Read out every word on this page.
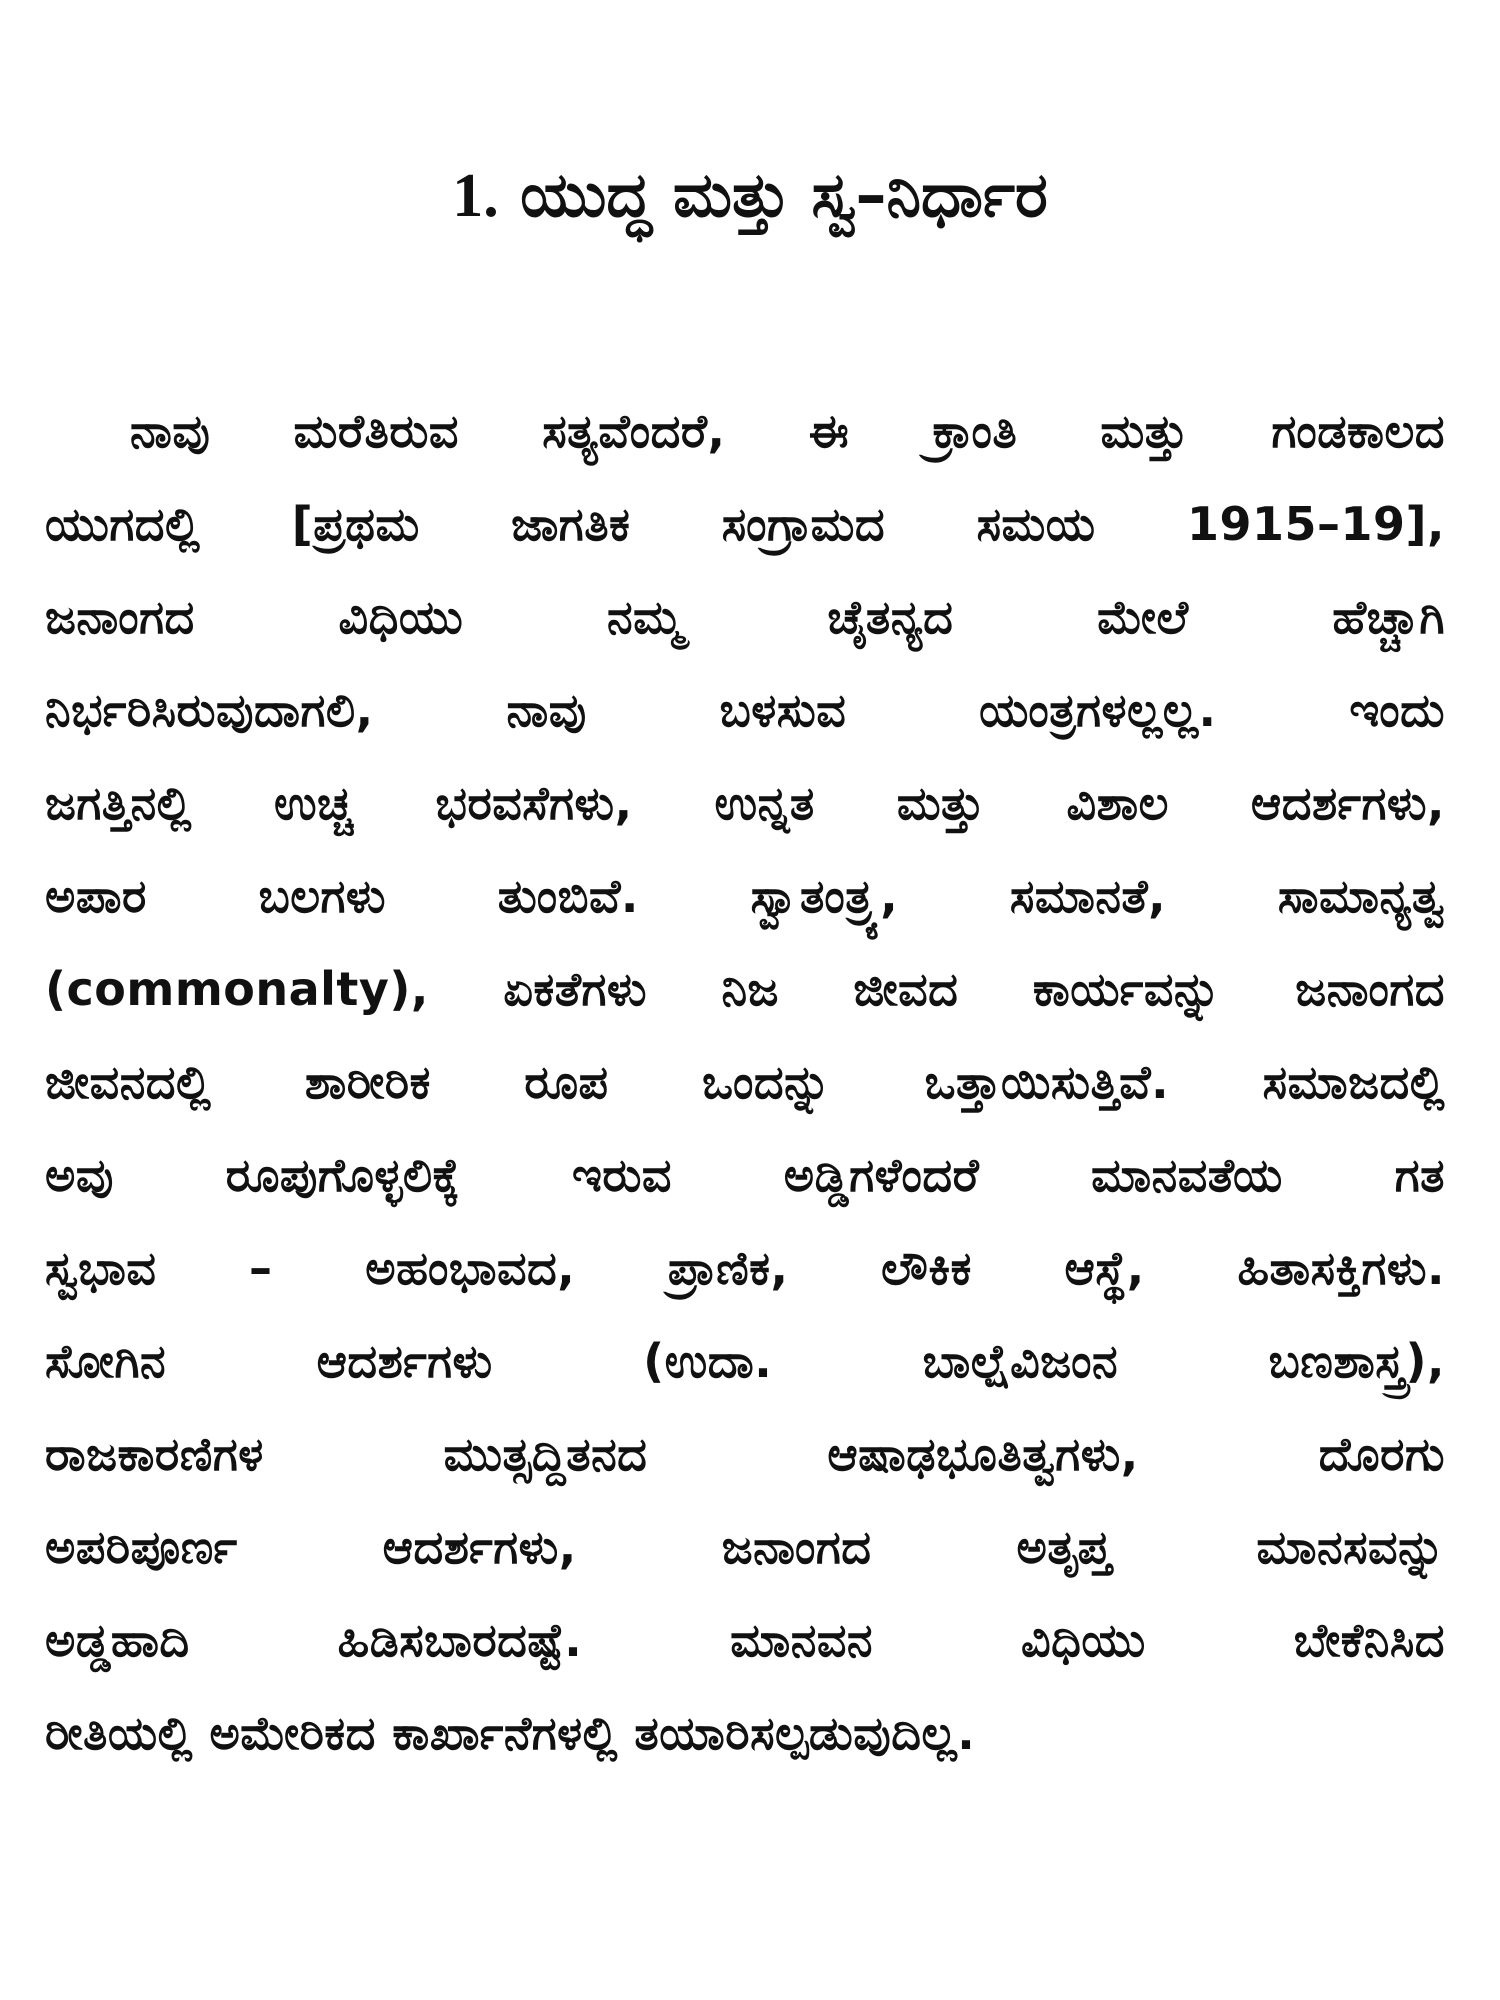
1. ಯುದ್ಧ ಮತ್ತು ಸ್ವ–ನಿರ್ಧಾರ
ನಾವು ಮರೆತಿರುವ ಸತ್ಯವೆಂದರೆ, ಈ ಕ್ರಾಂತಿ ಮತ್ತು ಗಂಡಕಾಲದ
ಯುಗದಲ್ಲಿ [ಪ್ರಥಮ ಜಾಗತಿಕ ಸಂಗ್ರಾಮದ ಸಮಯ 1915–19],
ಜನಾಂಗದ ವಿಧಿಯು ನಮ್ಮ ಚೈತನ್ಯದ ಮೇಲೆ ಹೆಚ್ಚಾಗಿ
ನಿರ್ಭರಿಸಿರುವುದಾಗಲಿ, ನಾವು ಬಳಸುವ ಯಂತ್ರಗಳಲ್ಲಲ್ಲ. ಇಂದು
ಜಗತ್ತಿನಲ್ಲಿ ಉಚ್ಚ ಭರವಸೆಗಳು, ಉನ್ನತ ಮತ್ತು ವಿಶಾಲ ಆದರ್ಶಗಳು,
ಅಪಾರ ಬಲಗಳು ತುಂಬಿವೆ. ಸ್ವಾತಂತ್ರ್ಯ, ಸಮಾನತೆ, ಸಾಮಾನ್ಯತ್ವ
(commonalty), ಏಕತೆಗಳು ನಿಜ ಜೀವದ ಕಾರ್ಯವನ್ನು ಜನಾಂಗದ
ಜೀವನದಲ್ಲಿ ಶಾರೀರಿಕ ರೂಪ ಒಂದನ್ನು ಒತ್ತಾಯಿಸುತ್ತಿವೆ. ಸಮಾಜದಲ್ಲಿ
ಅವು ರೂಪುಗೊಳ್ಳಲಿಕ್ಕೆ ಇರುವ ಅಡ್ಡಿಗಳೆಂದರೆ ಮಾನವತೆಯ ಗತ
ಸ್ವಭಾವ – ಅಹಂಭಾವದ, ಪ್ರಾಣಿಕ, ಲೌಕಿಕ ಆಸ್ಥೆ, ಹಿತಾಸಕ್ತಿಗಳು.
ಸೋಗಿನ ಆದರ್ಶಗಳು (ಉದಾ. ಬಾಲ್ಷೆವಿಜಂನ ಬಣಶಾಸ್ತ್ರ),
ರಾಜಕಾರಣಿಗಳ ಮುತ್ಸದ್ದಿತನದ ಆಷಾಢಭೂತಿತ್ವಗಳು, ದೊರಗು
ಅಪರಿಪೂರ್ಣ ಆದರ್ಶಗಳು, ಜನಾಂಗದ ಅತೃಪ್ತ ಮಾನಸವನ್ನು
ಅಡ್ಡಹಾದಿ ಹಿಡಿಸಬಾರದಷ್ಟೆ. ಮಾನವನ ವಿಧಿಯು ಬೇಕೆನಿಸಿದ
ರೀತಿಯಲ್ಲಿ ಅಮೇರಿಕದ ಕಾರ್ಖಾನೆಗಳಲ್ಲಿ ತಯಾರಿಸಲ್ಪಡುವುದಿಲ್ಲ.
